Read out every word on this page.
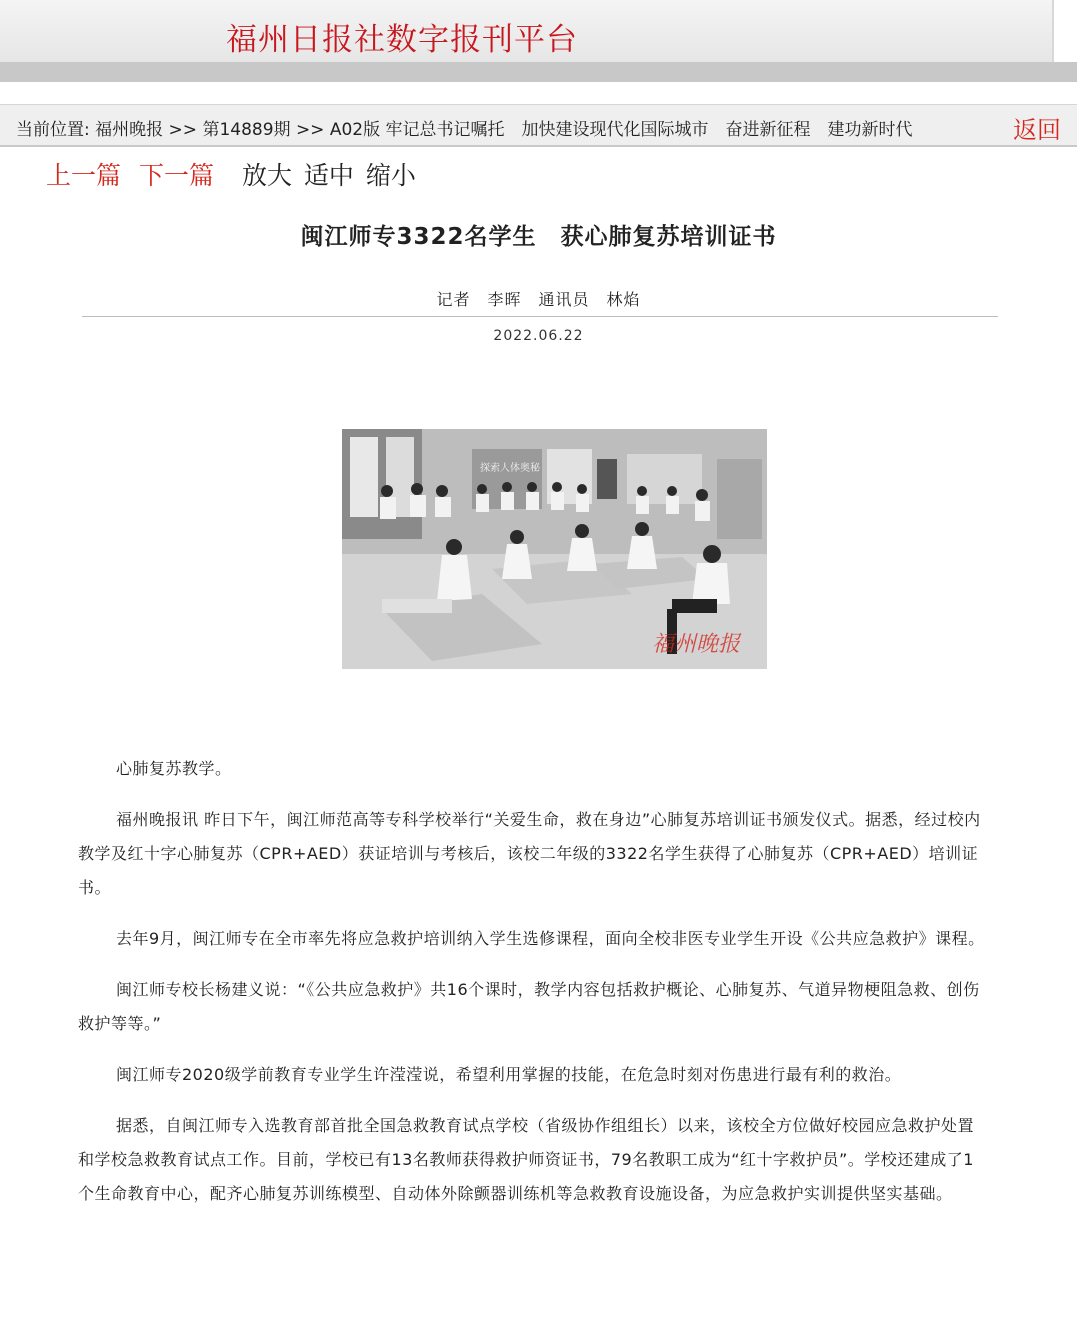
福州日报社数字报刊平台
当前位置: 福州晚报 >> 第14889期 >> A02版 牢记总书记嘱托　加快建设现代化国际城市　奋进新征程　建功新时代	返回
上一篇 下一篇 放大 适中 缩小
闽江师专3322名学生　获心肺复苏培训证书
记者　李晖　通讯员　林焰
2022.06.22
探索人体奥秘
福州晚报

心肺复苏教学。

福州晚报讯 昨日下午，闽江师范高等专科学校举行“关爱生命，救在身边”心肺复苏培训证书颁发仪式。据悉，经过校内教学及红十字心肺复苏（CPR+AED）获证培训与考核后，该校二年级的3322名学生获得了心肺复苏（CPR+AED）培训证书。

去年9月，闽江师专在全市率先将应急救护培训纳入学生选修课程，面向全校非医专业学生开设《公共应急救护》课程。

闽江师专校长杨建义说：“《公共应急救护》共16个课时，教学内容包括救护概论、心肺复苏、气道异物梗阻急救、创伤救护等等。”

闽江师专2020级学前教育专业学生许滢滢说，希望利用掌握的技能，在危急时刻对伤患进行最有利的救治。

据悉，自闽江师专入选教育部首批全国急救教育试点学校（省级协作组组长）以来，该校全方位做好校园应急救护处置和学校急救教育试点工作。目前，学校已有13名教师获得救护师资证书，79名教职工成为“红十字救护员”。学校还建成了1个生命教育中心，配齐心肺复苏训练模型、自动体外除颤器训练机等急救教育设施设备，为应急救护实训提供坚实基础。
